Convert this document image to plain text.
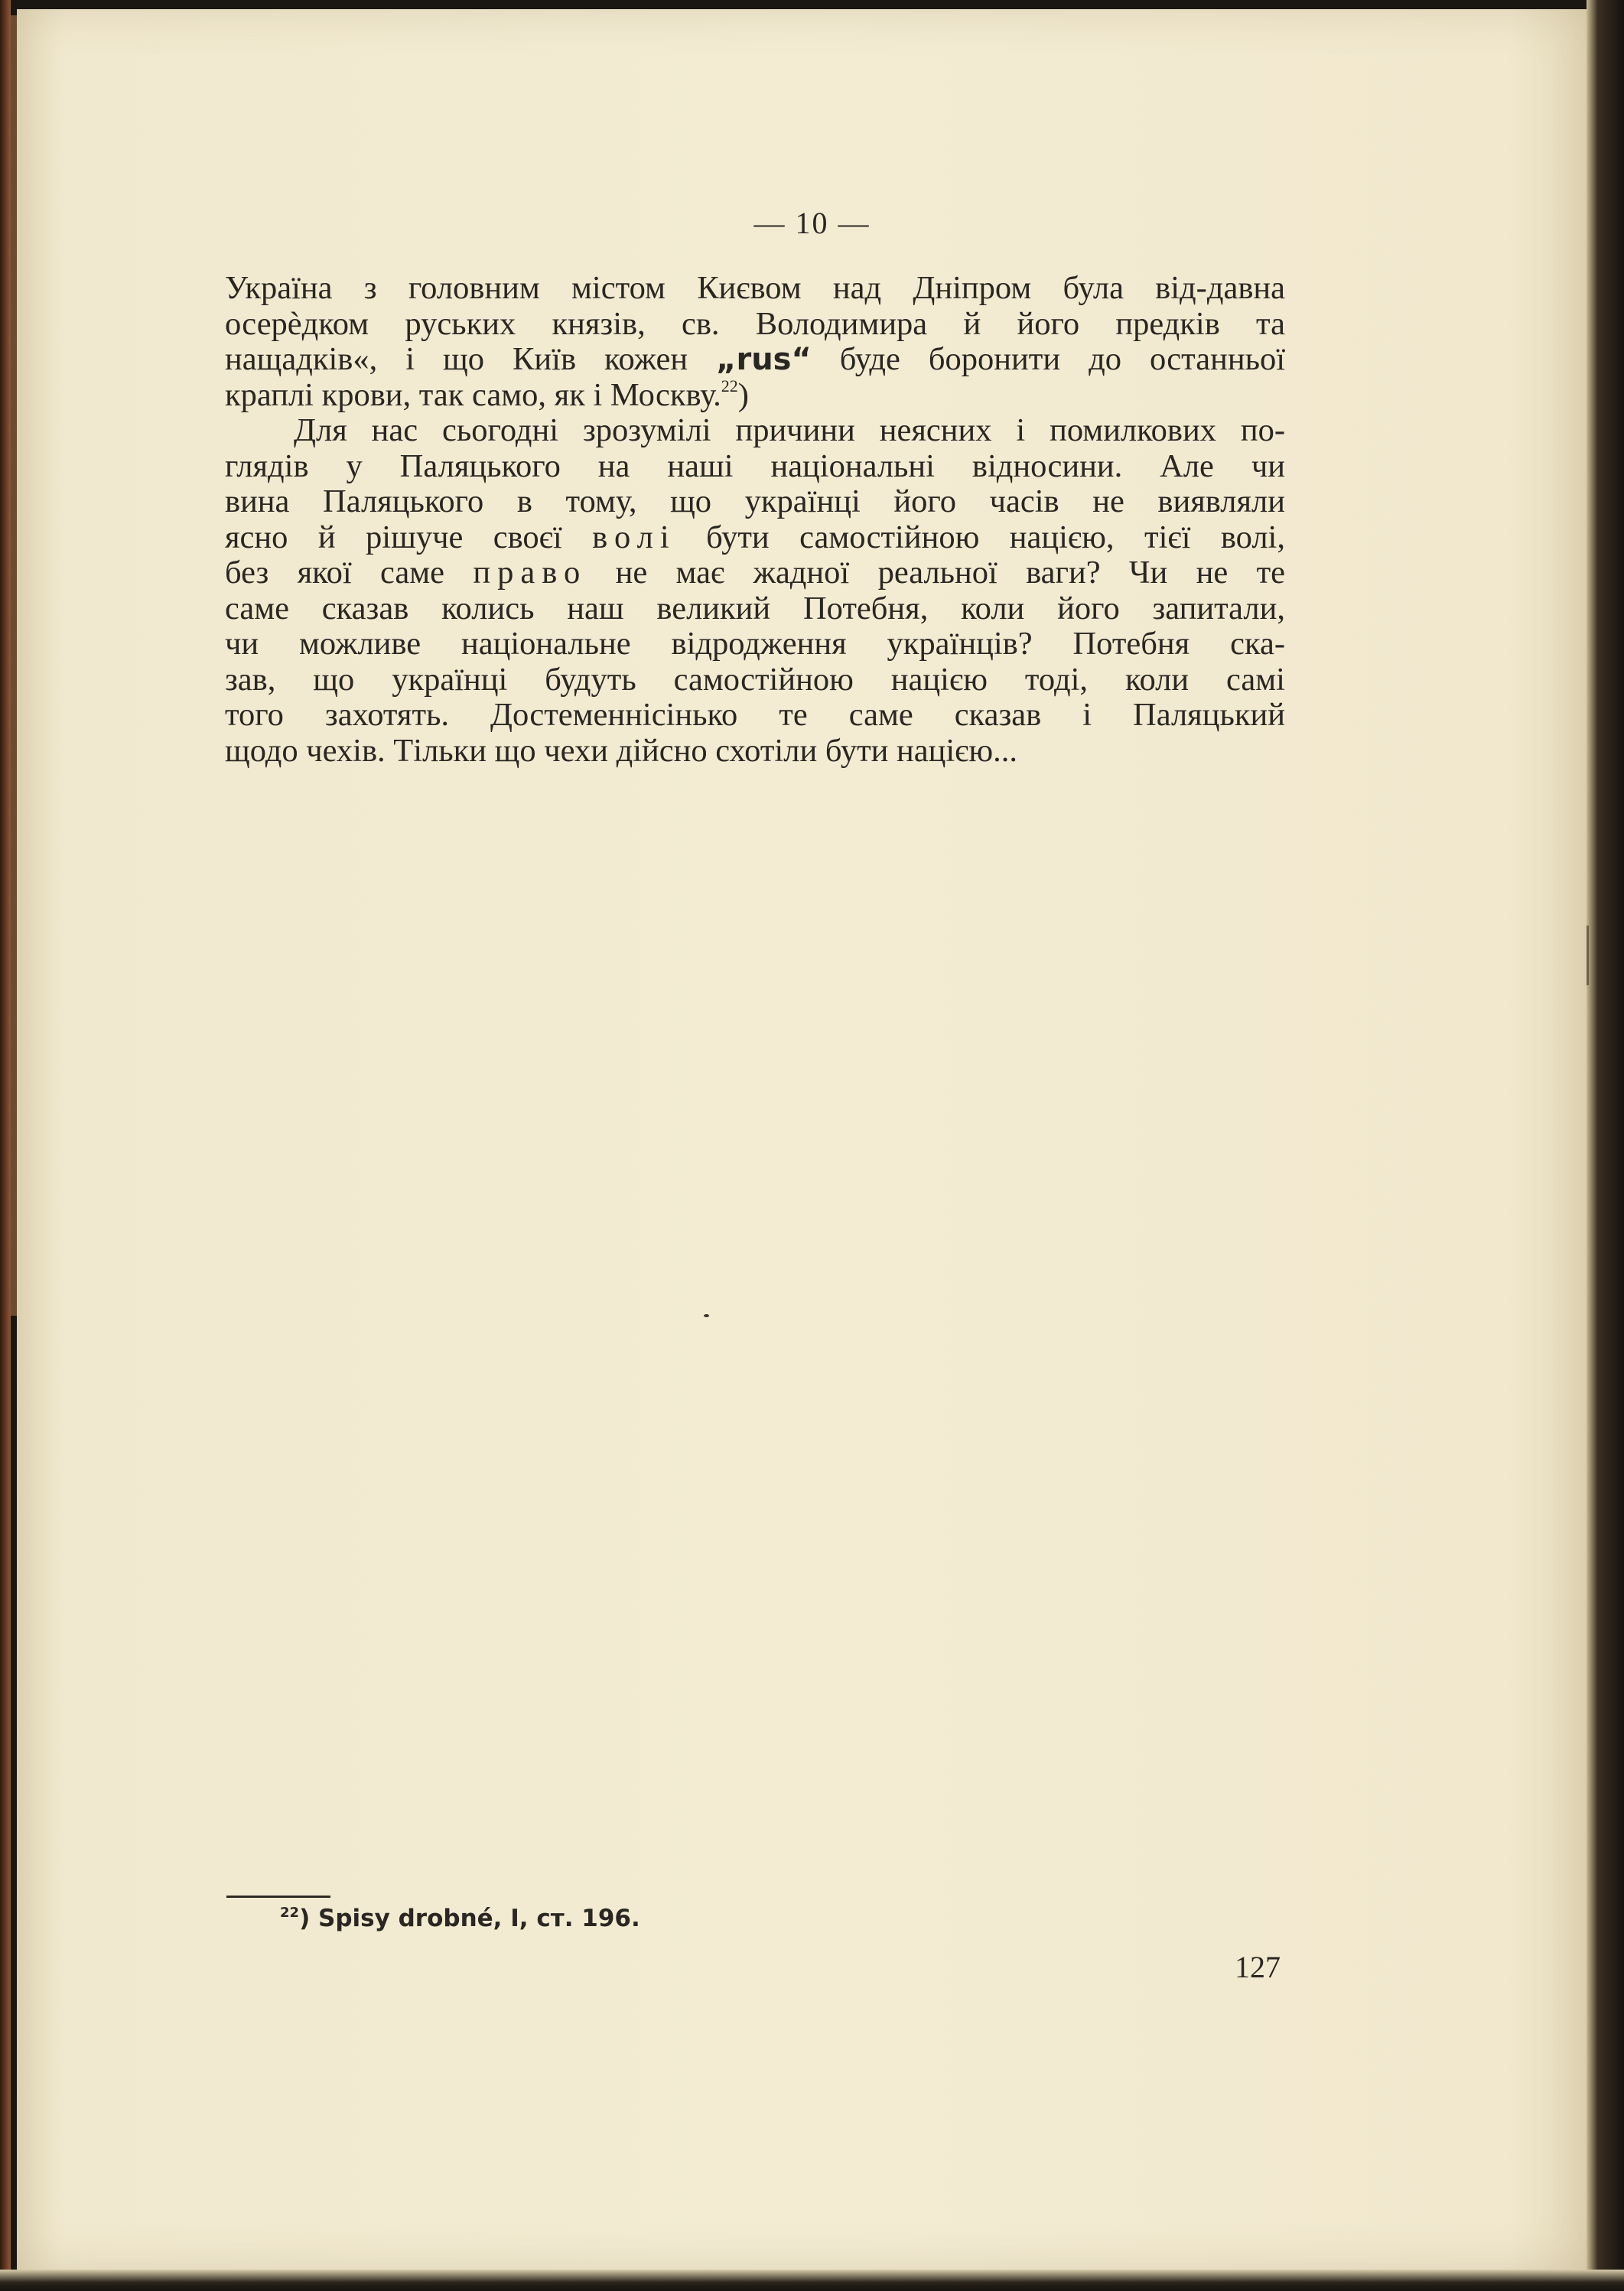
— 10 —
Україна з головним містом Києвом над Дніпром була від-давна
осерѐдком руських князів, св. Володимира й його предків та
нащадків«, і що Київ кожен „rus“ буде боронити до останньої
краплі крови, так само, як і Москву.$^{22}$)
Для нас сьогодні зрозумілі причини неясних і помилкових по-
глядів у Паляцького на наші національні відносини. Але чи
вина Паляцького в тому, що українці його часів не виявляли
ясно й рішуче своєї волі бути самостійною нацією, тієї волі,
без якої саме право не має жадної реальної ваги? Чи не те
саме сказав колись наш великий Потебня, коли його запитали,
чи можливе національне відродження українців? Потебня ска-
зав, що українці будуть самостійною нацією тоді, коли самі
того захотять. Достеменнісінько те саме сказав і Паляцький
щодо чехів. Тільки що чехи дійсно схотіли бути нацією...
$^{22}$) Spisy drobné, I, ст. 196.
127
